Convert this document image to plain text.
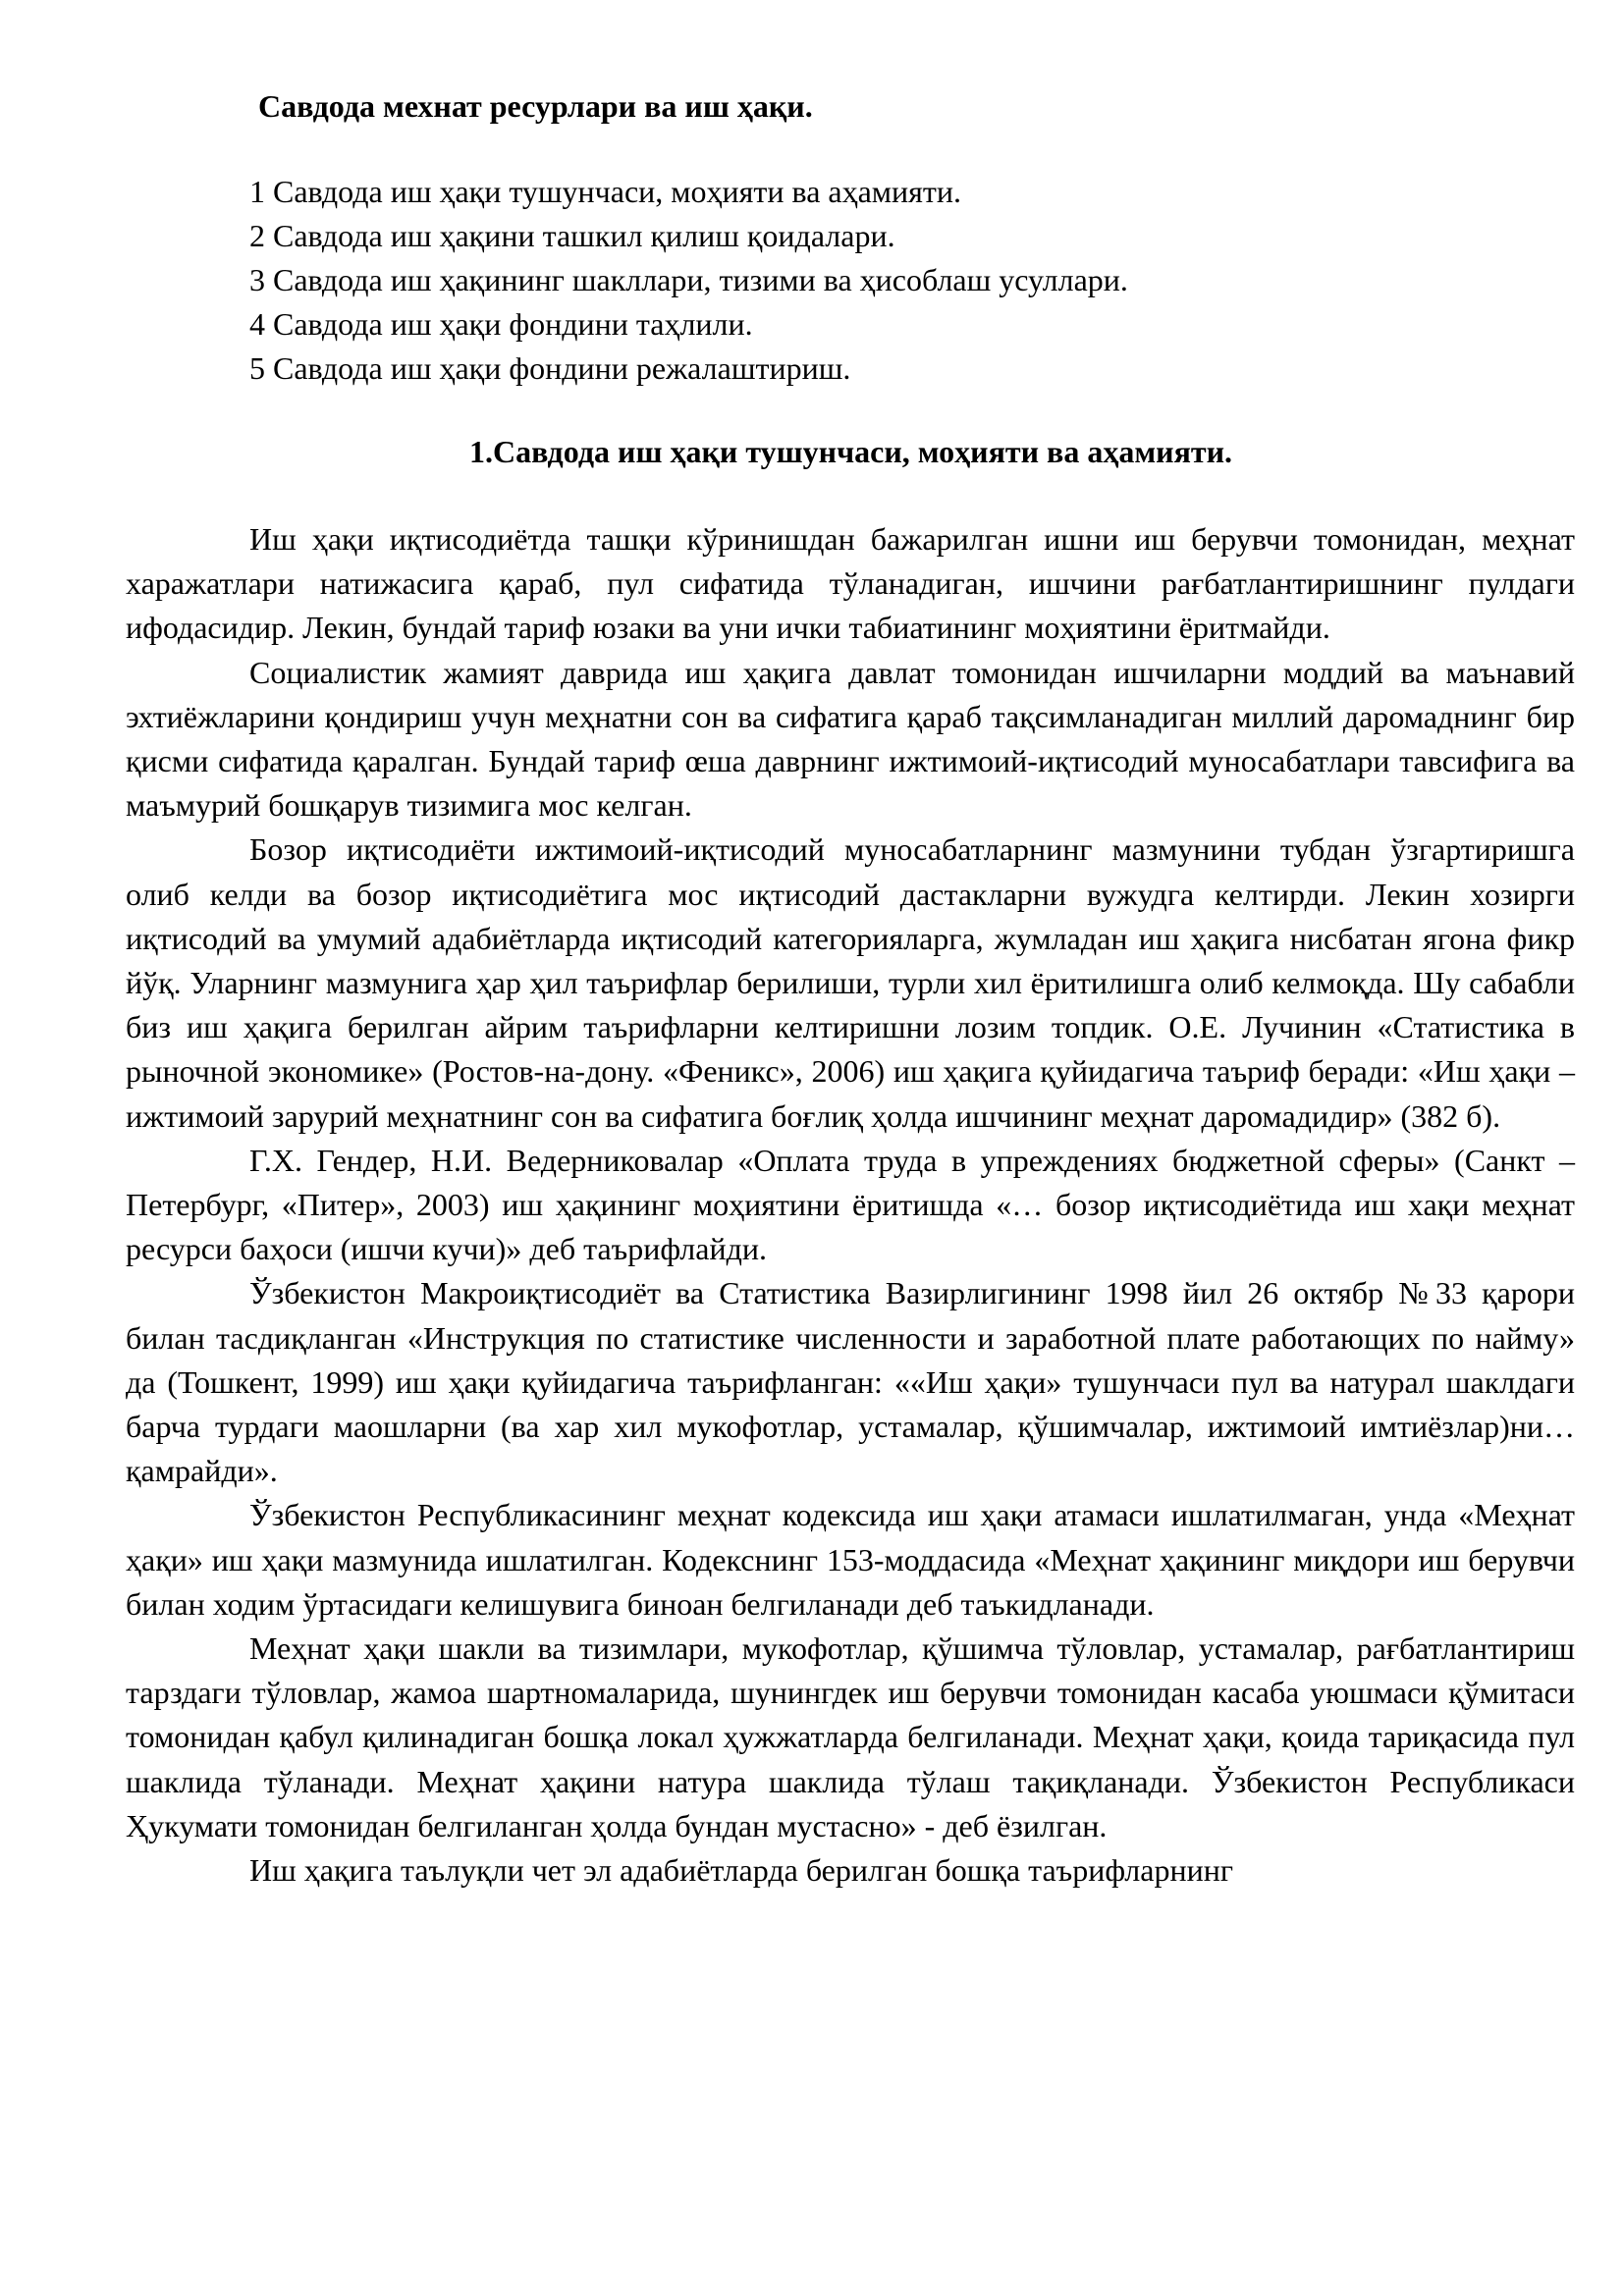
Савдода мехнат ресурлари ва иш ҳақи.
1 Савдода иш ҳақи тушунчаси, моҳияти ва аҳамияти.
2 Савдода иш ҳақини ташкил қилиш қоидалари.
3 Савдода иш ҳақининг шакллари, тизими ва ҳисоблаш усуллари.
4 Савдода иш ҳақи фондини таҳлили.
5 Савдода иш ҳақи фондини режалаштириш.
1.Савдода иш ҳақи тушунчаси, моҳияти ва аҳамияти.

Иш ҳақи иқтисодиётда ташқи кўринишдан бажарилган ишни иш берувчи томонидан, меҳнат харажатлари натижасига қараб, пул сифатида тўланадиган, ишчини рағбатлантиришнинг пулдаги ифодасидир. Лекин, бундай тариф юзаки ва уни ички табиатининг моҳиятини ёритмайди.

Социалистик жамият даврида иш ҳақига давлат томонидан ишчиларни моддий ва маънавий эхтиёжларини қондириш учун меҳнатни сон ва сифатига қараб тақсимланадиган миллий даромаднинг бир қисми сифатида қаралган. Бундай тариф œша даврнинг ижтимоий-иқтисодий муносабатлари тавсифига ва маъмурий бошқарув тизимига мос келган.

Бозор иқтисодиёти ижтимоий-иқтисодий муносабатларнинг мазмунини тубдан ўзгартиришга олиб келди ва бозор иқтисодиётига мос иқтисодий дастакларни вужудга келтирди. Лекин хозирги иқтисодий ва умумий адабиётларда иқтисодий категорияларга, жумладан иш ҳақига нисбатан ягона фикр йўқ. Уларнинг мазмунига ҳар ҳил таърифлар берилиши, турли хил ёритилишга олиб келмоқда. Шу сабабли биз иш ҳақига берилган айрим таърифларни келтиришни лозим топдик. О.Е. Лучинин «Статистика в рыночной экономике» (Ростов-на-дону. «Феникс», 2006) иш ҳақига қуйидагича таъриф беради: «Иш ҳақи – ижтимоий зарурий меҳнатнинг сон ва сифатига боғлиқ ҳолда ишчининг меҳнат даромадидир» (382 б).

Г.Х. Гендер, Н.И. Ведерниковалар «Оплата труда в упреждениях бюджетной сферы» (Санкт – Петербург, «Питер», 2003) иш ҳақининг моҳиятини ёритишда «… бозор иқтисодиётида иш хақи меҳнат ресурси баҳоси (ишчи кучи)» деб таърифлайди.

Ўзбекистон Макроиқтисодиёт ва Статистика Вазирлигининг 1998 йил 26 октябр №33 қарори билан тасдиқланган «Инструкция по статистике численности и заработной плате работающих по найму» да (Тошкент, 1999) иш ҳақи қуйидагича таърифланган: ««Иш ҳақи» тушунчаси пул ва натурал шаклдаги барча турдаги маошларни (ва хар хил мукофотлар, устамалар, қўшимчалар, ижтимоий имтиёзлар)ни… қамрайди».

Ўзбекистон Республикасининг меҳнат кодексида иш ҳақи атамаси ишлатилмаган, унда «Меҳнат ҳақи» иш ҳақи мазмунида ишлатилган. Кодекснинг 153-моддасида «Меҳнат ҳақининг миқдори иш берувчи билан ходим ўртасидаги келишувига биноан белгиланади деб таъкидланади.

Меҳнат ҳақи шакли ва тизимлари, мукофотлар, қўшимча тўловлар, устамалар, рағбатлантириш тарздаги тўловлар, жамоа шартномаларида, шунингдек иш берувчи томонидан касаба уюшмаси қўмитаси томонидан қабул қилинадиган бошқа локал ҳужжатларда белгиланади. Меҳнат ҳақи, қоида тариқасида пул шаклида тўланади. Меҳнат ҳақини натура шаклида тўлаш тақиқланади. Ўзбекистон Республикаси Ҳукумати томонидан белгиланган ҳолда бундан мустасно» - деб ёзилган.

Иш ҳақига таълуқли чет эл адабиётларда берилган бошқа таърифларнинг
